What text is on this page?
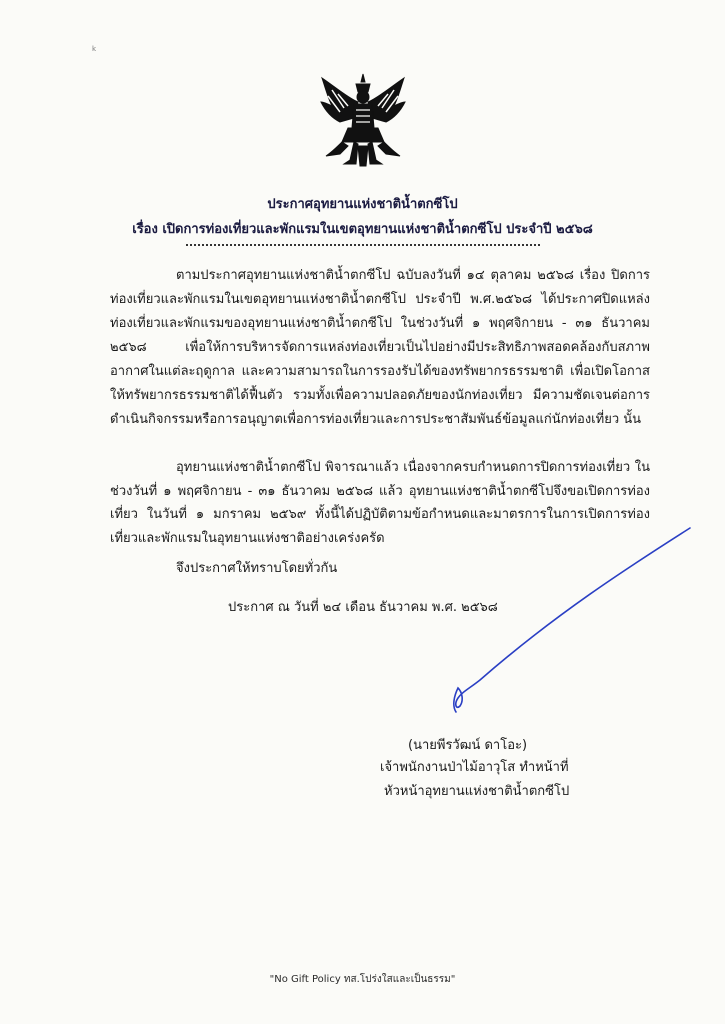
k
ประกาศอุทยานแห่งชาติน้ำตกซีโป
เรื่อง เปิดการท่องเที่ยวและพักแรมในเขตอุทยานแห่งชาติน้ำตกซีโป ประจำปี ๒๕๖๘

ตามประกาศอุทยานแห่งชาติน้ำตกซีโป ฉบับลงวันที่ ๑๔ ตุลาคม ๒๕๖๘ เรื่อง ปิดการท่องเที่ยวและพักแรมในเขตอุทยานแห่งชาติน้ำตกซีโป ประจำปี พ.ศ.๒๕๖๘ ได้ประกาศปิดแหล่งท่องเที่ยวและพักแรมของอุทยานแห่งชาติน้ำตกซีโป ในช่วงวันที่ ๑ พฤศจิกายน - ๓๑ ธันวาคม ๒๕๖๘ เพื่อให้การบริหารจัดการแหล่งท่องเที่ยวเป็นไปอย่างมีประสิทธิภาพสอดคล้องกับสภาพอากาศในแต่ละฤดูกาล และความสามารถในการรองรับได้ของทรัพยากรธรรมชาติ เพื่อเปิดโอกาสให้ทรัพยากรธรรมชาติได้ฟื้นตัว รวมทั้งเพื่อความปลอดภัยของนักท่องเที่ยว มีความชัดเจนต่อการดำเนินกิจกรรมหรือการอนุญาตเพื่อการท่องเที่ยวและการประชาสัมพันธ์ข้อมูลแก่นักท่องเที่ยว นั้น

อุทยานแห่งชาติน้ำตกซีโป พิจารณาแล้ว เนื่องจากครบกำหนดการปิดการท่องเที่ยว ในช่วงวันที่ ๑ พฤศจิกายน - ๓๑ ธันวาคม ๒๕๖๘ แล้ว อุทยานแห่งชาติน้ำตกซีโปจึงขอเปิดการท่องเที่ยว ในวันที่ ๑ มกราคม ๒๕๖๙ ทั้งนี้ได้ปฏิบัติตามข้อกำหนดและมาตรการในการเปิดการท่องเที่ยวและพักแรมในอุทยานแห่งชาติอย่างเคร่งครัด

จึงประกาศให้ทราบโดยทั่วกัน

ประกาศ ณ วันที่ ๒๔ เดือน ธันวาคม พ.ศ. ๒๕๖๘

(นายพีรวัฒน์ ดาโอะ)

เจ้าพนักงานป่าไม้อาวุโส ทำหน้าที่

หัวหน้าอุทยานแห่งชาติน้ำตกซีโป

"No Gift Policy ทส.โปร่งใสและเป็นธรรม"
